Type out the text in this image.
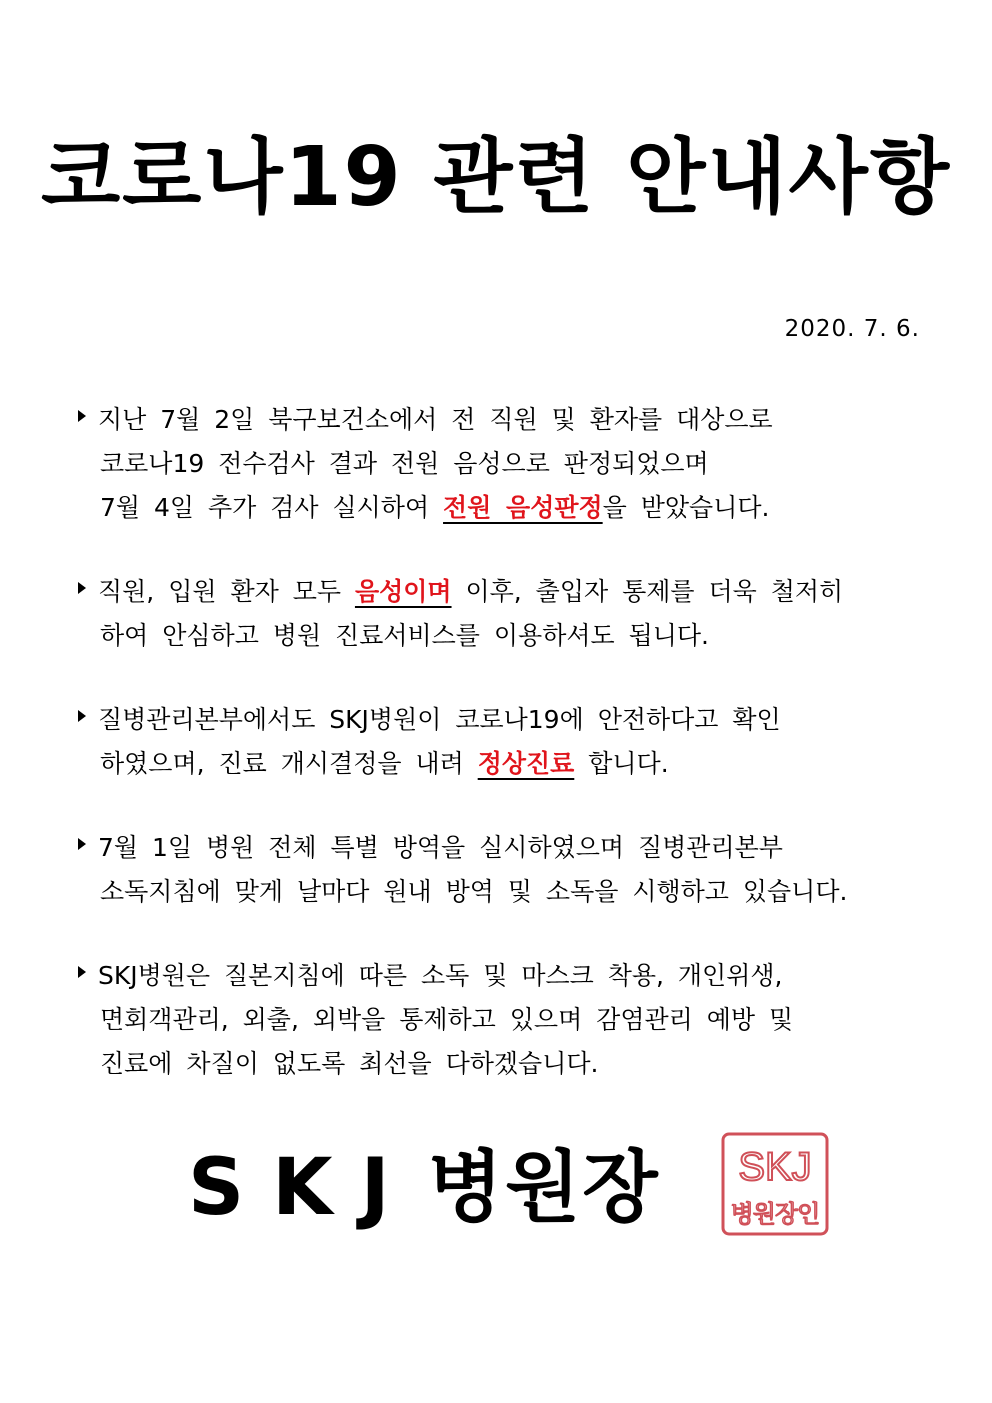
코로나19 관련 안내사항
2020. 7. 6.
지난 7월 2일 북구보건소에서 전 직원 및 환자를 대상으로
코로나19 전수검사 결과 전원 음성으로 판정되었으며
7월 4일 추가 검사 실시하여 전원 음성판정을 받았습니다.
직원, 입원 환자 모두 음성이며 이후, 출입자 통제를 더욱 철저히
하여 안심하고 병원 진료서비스를 이용하셔도 됩니다.
질병관리본부에서도 SKJ병원이 코로나19에 안전하다고 확인
하였으며, 진료 개시결정을 내려 정상진료 합니다.
7월 1일 병원 전체 특별 방역을 실시하였으며 질병관리본부
소독지침에 맞게 날마다 원내 방역 및 소독을 시행하고 있습니다.
SKJ병원은 질본지침에 따른 소독 및 마스크 착용, 개인위생,
면회객관리, 외출, 외박을 통제하고 있으며 감염관리 예방 및
진료에 차질이 없도록 최선을 다하겠습니다.
SKJ 병원장 SKJ
병원장인
